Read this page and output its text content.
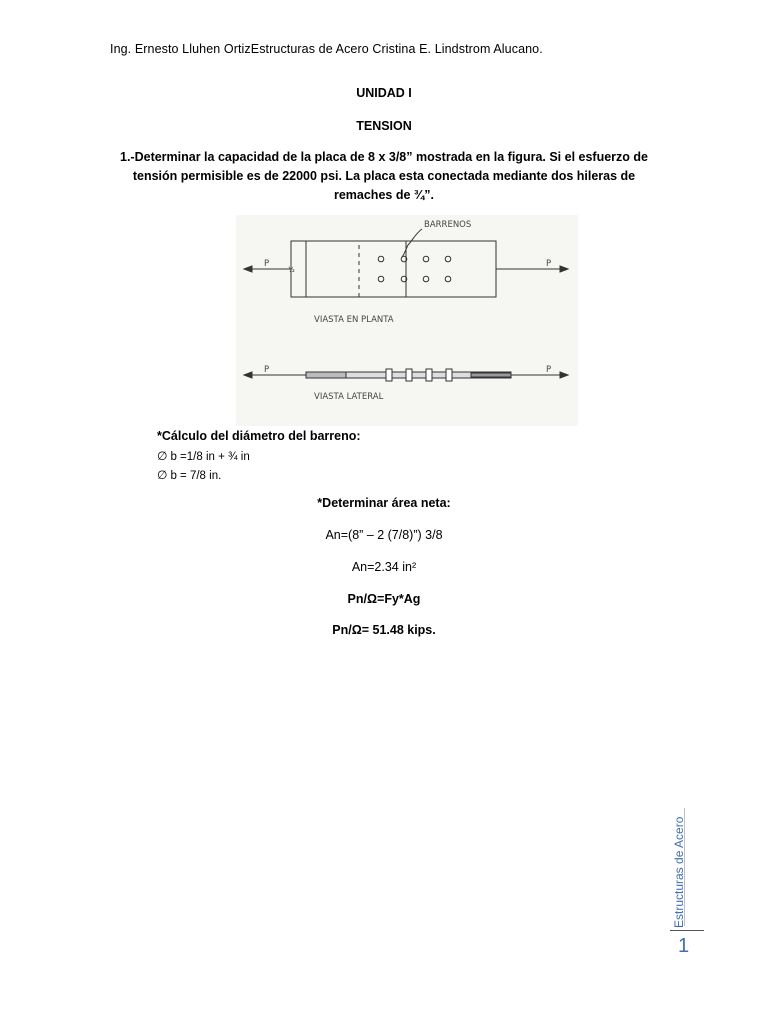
Ing. Ernesto Lluhen OrtizEstructuras de Acero Cristina E. Lindstrom Alucano.
UNIDAD I
TENSION
1.-Determinar la capacidad de la placa de 8 x 3/8” mostrada en la figura. Si el esfuerzo de tensión permisible es de 22000 psi. La placa esta conectada mediante dos hileras de remaches de ¾”.
½
BARRENOS
P	P
VIASTA EN PLANTA
P	P
VIASTA LATERAL
*Cálculo del diámetro del barreno:
∅ b =1/8 in + ¾ in
∅ b = 7/8 in.
*Determinar área neta:
An=(8” – 2 (7/8)”) 3/8
An=2.34 in²
Pn/Ω=Fy*Ag
Pn/Ω= 51.48 kips.
Estructuras de Acero
1
